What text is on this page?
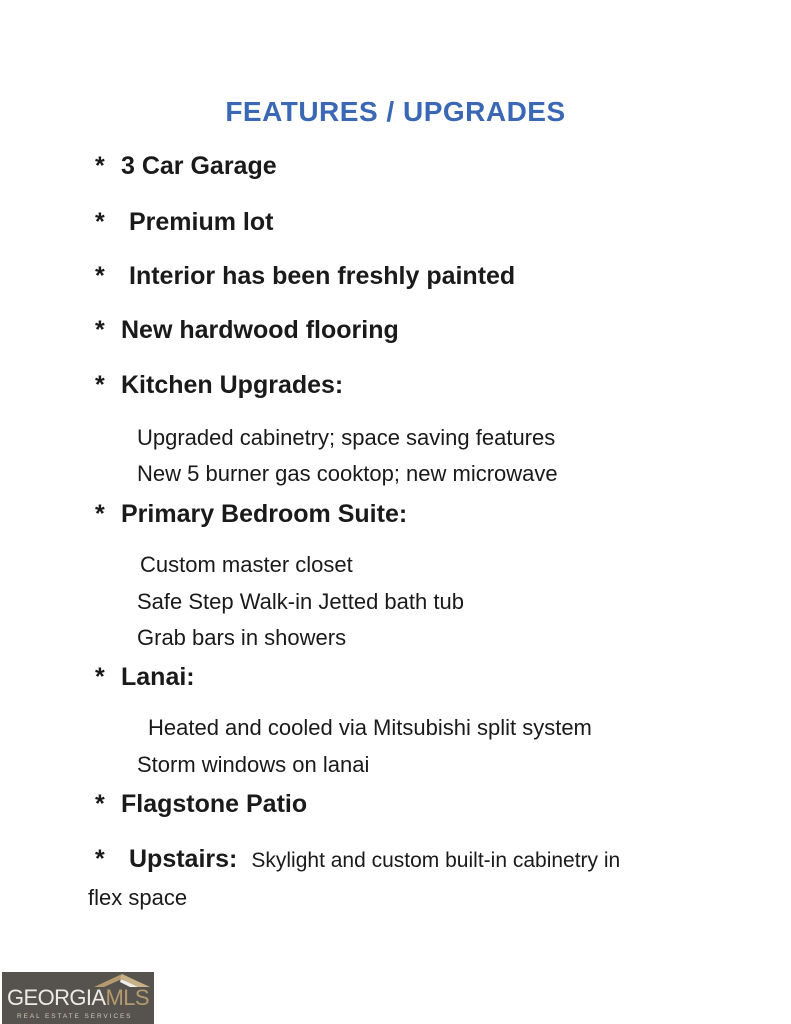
FEATURES / UPGRADES
* 3 Car Garage
* Premium lot
* Interior has been freshly painted
* New hardwood flooring
* Kitchen Upgrades:
Upgraded cabinetry; space saving features
New 5 burner gas cooktop; new microwave
* Primary Bedroom Suite:
Custom master closet
Safe Step Walk-in Jetted bath tub
Grab bars in showers
* Lanai:
Heated and cooled via Mitsubishi split system
Storm windows on lanai
* Flagstone Patio
* Upstairs: Skylight and custom built-in cabinetry in
flex space
GEORGIAMLS
REAL ESTATE SERVICES
